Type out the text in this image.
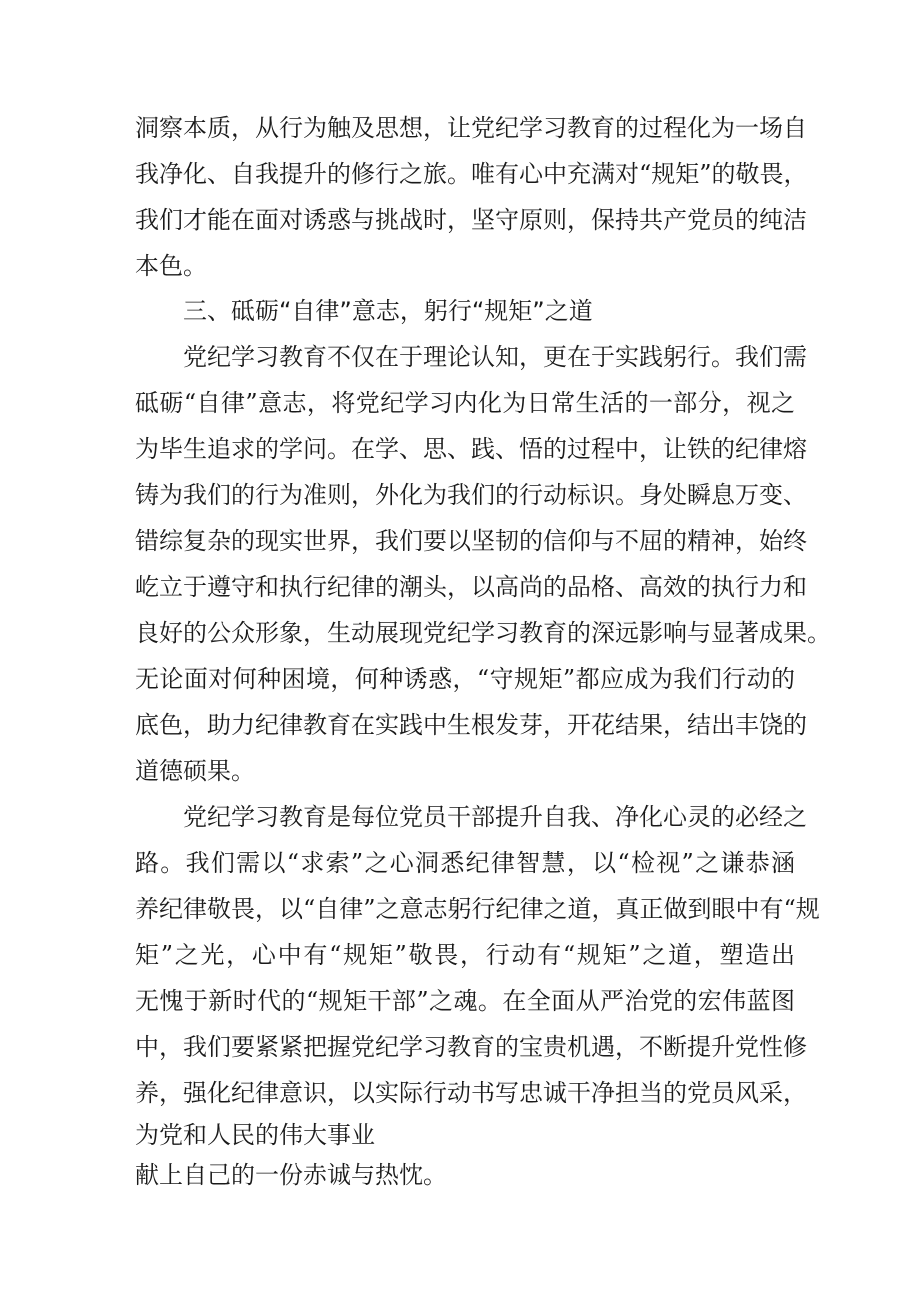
洞察本质，从行为触及思想，让党纪学习教育的过程化为一场自
我净化、自我提升的修行之旅。唯有心中充满对“规矩”的敬畏，
我们才能在面对诱惑与挑战时，坚守原则，保持共产党员的纯洁
本色。
三、砥砺“自律”意志，躬行“规矩”之道
党纪学习教育不仅在于理论认知，更在于实践躬行。我们需
砥砺“自律”意志，将党纪学习内化为日常生活的一部分，视之
为毕生追求的学问。在学、思、践、悟的过程中，让铁的纪律熔
铸为我们的行为准则，外化为我们的行动标识。身处瞬息万变、
错综复杂的现实世界，我们要以坚韧的信仰与不屈的精神，始终
屹立于遵守和执行纪律的潮头，以高尚的品格、高效的执行力和
良好的公众形象，生动展现党纪学习教育的深远影响与显著成果。
无论面对何种困境，何种诱惑，“守规矩”都应成为我们行动的
底色，助力纪律教育在实践中生根发芽，开花结果，结出丰饶的
道德硕果。
党纪学习教育是每位党员干部提升自我、净化心灵的必经之
路。我们需以“求索”之心洞悉纪律智慧，以“检视”之谦恭涵
养纪律敬畏，以“自律”之意志躬行纪律之道，真正做到眼中有“规
矩”之光，心中有“规矩”敬畏，行动有“规矩”之道，塑造出
无愧于新时代的“规矩干部”之魂。在全面从严治党的宏伟蓝图
中，我们要紧紧把握党纪学习教育的宝贵机遇，不断提升党性修
养，强化纪律意识，以实际行动书写忠诚干净担当的党员风采，
为党和人民的伟大事业
献上自己的一份赤诚与热忱。
